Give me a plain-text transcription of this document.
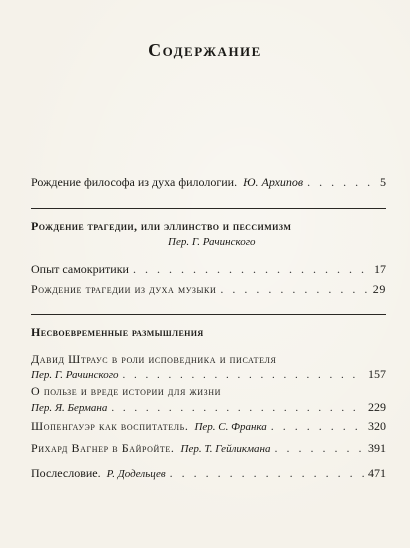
Содержание
Рождение философа из духа филологии. Ю. Архипов . . .	5
Рождение трагедии, или эллинство и пессимизм
Пер. Г. Рачинского
Опыт самокритики . . .	17
Рождение трагедии из духа музыки . . .	29
Несвоевременные размышления
Давид Штраус в роли исповедника и писателя
Пер. Г. Рачинского . . .	157
О пользе и вреде истории для жизни
Пер. Я. Бермана . . .	229
Шопенгауэр как воспитатель. Пер. С. Франка . . .	320
Рихард Вагнер в Байройте. Пер. Т. Гейликмана . . .	391
Послесловие. Р. Додельцев . . .	471
